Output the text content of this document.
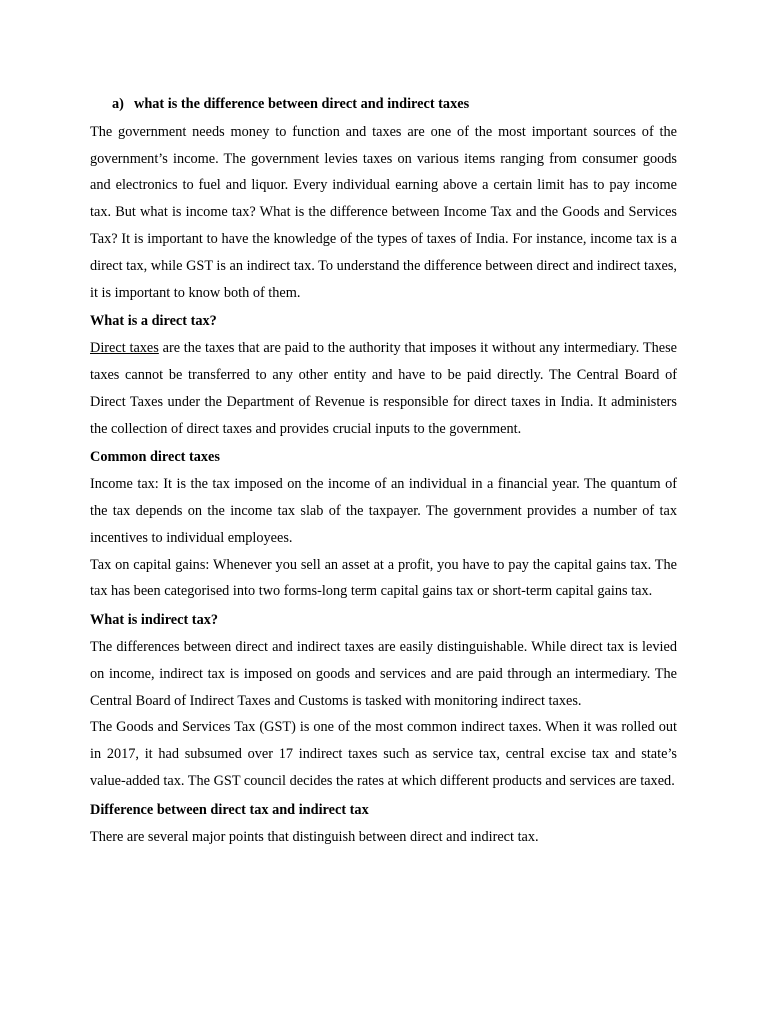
a) what is the difference between direct and indirect taxes

The government needs money to function and taxes are one of the most important sources of the government’s income. The government levies taxes on various items ranging from consumer goods and electronics to fuel and liquor. Every individual earning above a certain limit has to pay income tax. But what is income tax? What is the difference between Income Tax and the Goods and Services Tax? It is important to have the knowledge of the types of taxes of India. For instance, income tax is a direct tax, while GST is an indirect tax. To understand the difference between direct and indirect taxes, it is important to know both of them.

What is a direct tax?

Direct taxes are the taxes that are paid to the authority that imposes it without any intermediary. These taxes cannot be transferred to any other entity and have to be paid directly. The Central Board of Direct Taxes under the Department of Revenue is responsible for direct taxes in India. It administers the collection of direct taxes and provides crucial inputs to the government.

Common direct taxes

Income tax: It is the tax imposed on the income of an individual in a financial year. The quantum of the tax depends on the income tax slab of the taxpayer. The government provides a number of tax incentives to individual employees.

Tax on capital gains: Whenever you sell an asset at a profit, you have to pay the capital gains tax. The tax has been categorised into two forms-long term capital gains tax or short-term capital gains tax.

What is indirect tax?

The differences between direct and indirect taxes are easily distinguishable. While direct tax is levied on income, indirect tax is imposed on goods and services and are paid through an intermediary. The Central Board of Indirect Taxes and Customs is tasked with monitoring indirect taxes.

The Goods and Services Tax (GST) is one of the most common indirect taxes. When it was rolled out in 2017, it had subsumed over 17 indirect taxes such as service tax, central excise tax and state’s value-added tax. The GST council decides the rates at which different products and services are taxed.

Difference between direct tax and indirect tax

There are several major points that distinguish between direct and indirect tax.
